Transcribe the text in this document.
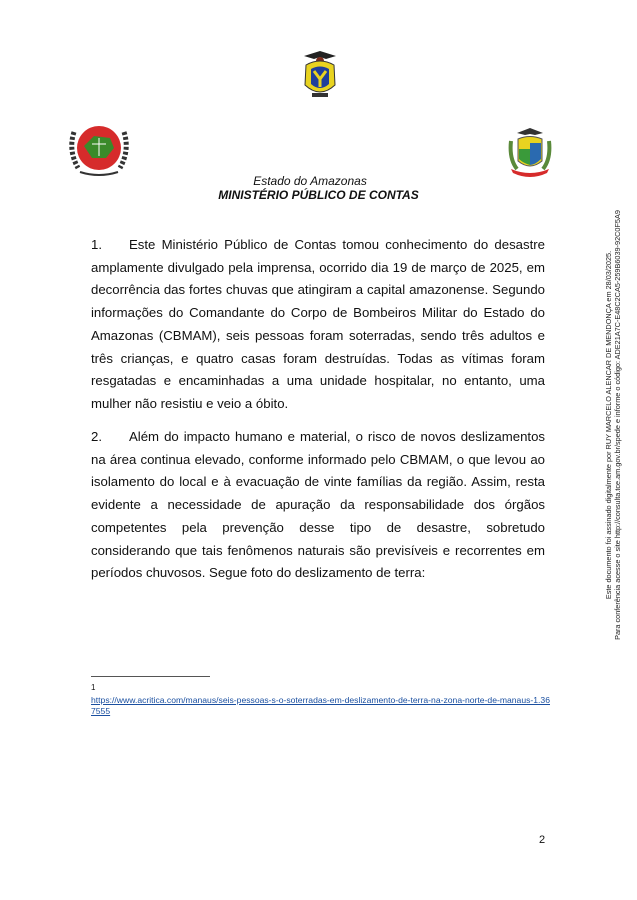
Estado do Amazonas
MINISTÉRIO PÚBLICO DE CONTAS
1. Este Ministério Público de Contas tomou conhecimento do desastre amplamente divulgado pela imprensa, ocorrido dia 19 de março de 2025, em decorrência das fortes chuvas que atingiram a capital amazonense. Segundo informações do Comandante do Corpo de Bombeiros Militar do Estado do Amazonas (CBMAM), seis pessoas foram soterradas, sendo três adultos e três crianças, e quatro casas foram destruídas. Todas as vítimas foram resgatadas e encaminhadas a uma unidade hospitalar, no entanto, uma mulher não resistiu e veio a óbito.
2. Além do impacto humano e material, o risco de novos deslizamentos na área continua elevado, conforme informado pelo CBMAM, o que levou ao isolamento do local e à evacuação de vinte famílias da região. Assim, resta evidente a necessidade de apuração da responsabilidade dos órgãos competentes pela prevenção desse tipo de desastre, sobretudo considerando que tais fenômenos naturais são previsíveis e recorrentes em períodos chuvosos. Segue foto do deslizamento de terra:
1
https://www.acritica.com/manaus/seis-pessoas-s-o-soterradas-em-deslizamento-de-terra-na-zona-norte-de-manaus-1.367555
2
Este documento foi assinado digitalmente por RUY MARCELO ALENCAR DE MENDONÇA em 28/03/2025. Para conferência acesse o site http://consulta.tce.am.gov.br/spede e informe o código: ADE21A7C-E48C2CA5-259B6039-92C0F5A9
